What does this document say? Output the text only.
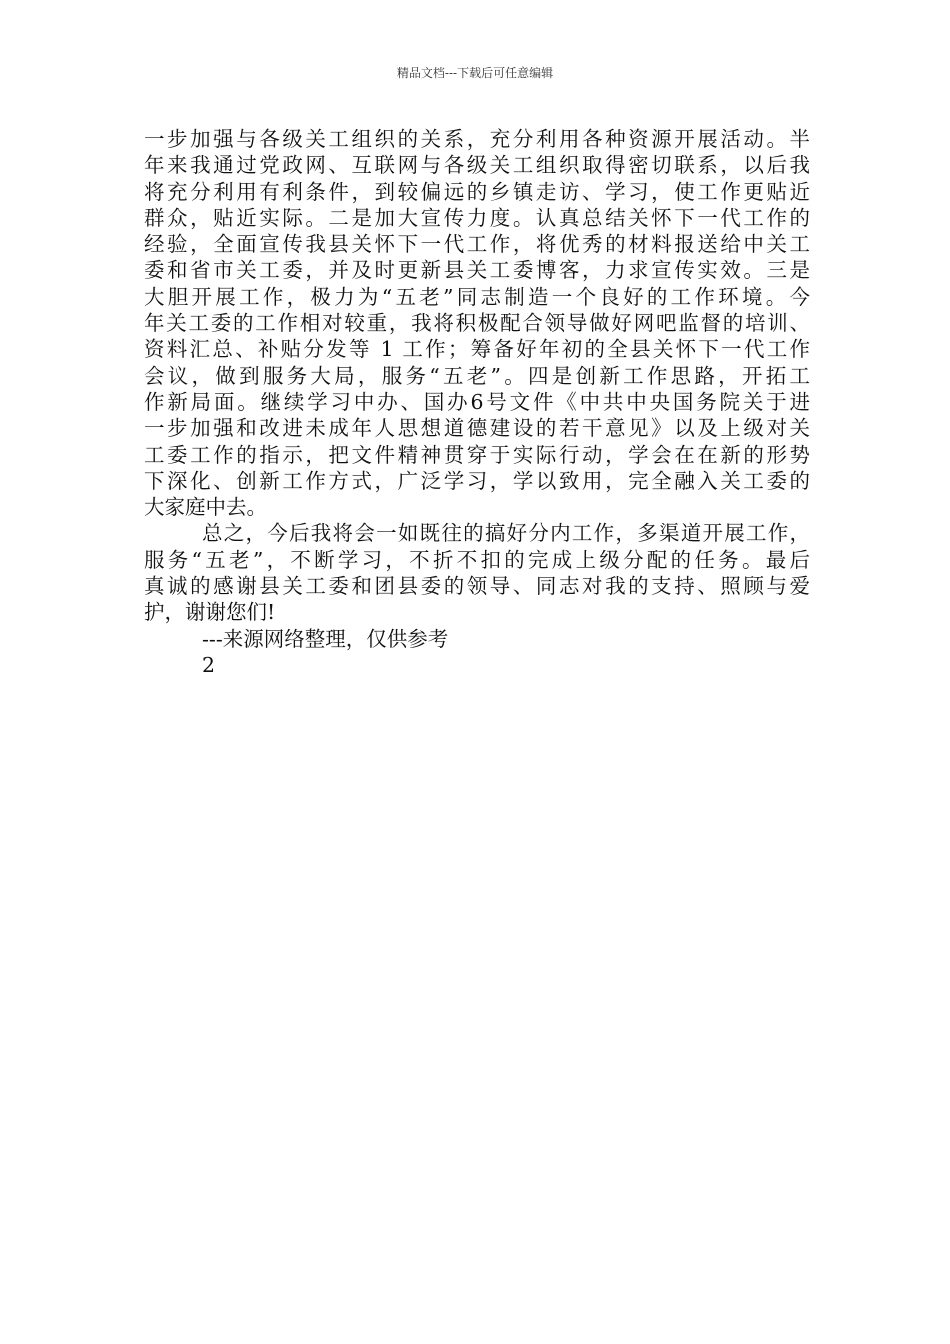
精品文档---下载后可任意编辑
一步加强与各级关工组织的关系，充分利用各种资源开展活动。半
年来我通过党政网、互联网与各级关工组织取得密切联系，以后我
将充分利用有利条件，到较偏远的乡镇走访、学习，使工作更贴近
群众，贴近实际。二是加大宣传力度。认真总结关怀下一代工作的
经验，全面宣传我县关怀下一代工作，将优秀的材料报送给中关工
委和省市关工委，并及时更新县关工委博客，力求宣传实效。三是
大胆开展工作，极力为“五老”同志制造一个良好的工作环境。今
年关工委的工作相对较重，我将积极配合领导做好网吧监督的培训、
资料汇总、补贴分发等 1 工作；筹备好年初的全县关怀下一代工作
会议，做到服务大局，服务“五老”。四是创新工作思路，开拓工
作新局面。继续学习中办、国办6号文件《中共中央国务院关于进
一步加强和改进未成年人思想道德建设的若干意见》以及上级对关
工委工作的指示，把文件精神贯穿于实际行动，学会在在新的形势
下深化、创新工作方式，广泛学习，学以致用，完全融入关工委的
大家庭中去。
总之，今后我将会一如既往的搞好分内工作，多渠道开展工作，
服务“五老”，不断学习，不折不扣的完成上级分配的任务。最后
真诚的感谢县关工委和团县委的领导、同志对我的支持、照顾与爱
护，谢谢您们!
---来源网络整理，仅供参考
2
